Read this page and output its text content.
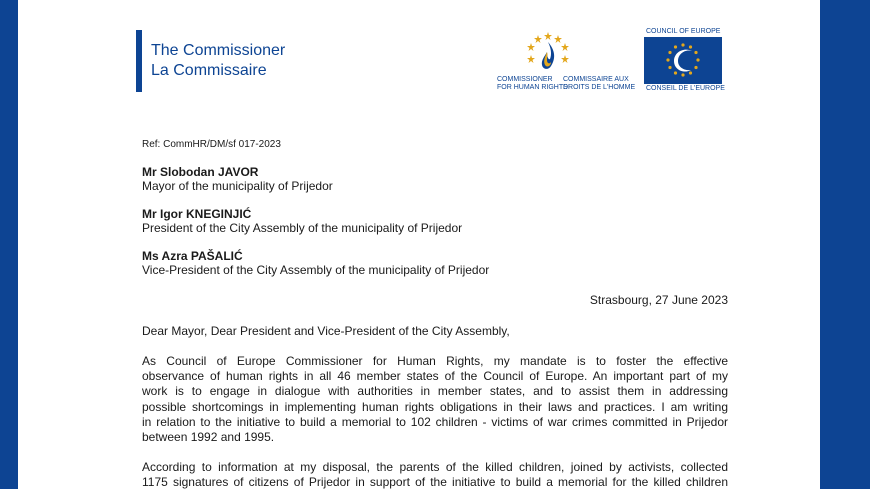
The Commissioner
La Commissaire
COMMISSIONER
FOR HUMAN RIGHTS
COMMISSAIRE AUX
DROITS DE L'HOMME
COUNCIL OF EUROPE
CONSEIL DE L'EUROPE
Ref: CommHR/DM/sf 017-2023
Mr Slobodan JAVOR
Mayor of the municipality of Prijedor
Mr Igor KNEGINJIĆ
President of the City Assembly of the municipality of Prijedor
Ms Azra PAŠALIĆ
Vice-President of the City Assembly of the municipality of Prijedor
Strasbourg, 27 June 2023
Dear Mayor, Dear President and Vice-President of the City Assembly,
As Council of Europe Commissioner for Human Rights, my mandate is to foster the effective
observance of human rights in all 46 member states of the Council of Europe. An important part of my
work is to engage in dialogue with authorities in member states, and to assist them in addressing
possible shortcomings in implementing human rights obligations in their laws and practices. I am writing
in relation to the initiative to build a memorial to 102 children - victims of war crimes committed in Prijedor
between 1992 and 1995.
According to information at my disposal, the parents of the killed children, joined by activists, collected
1175 signatures of citizens of Prijedor in support of the initiative to build a memorial for the killed children
